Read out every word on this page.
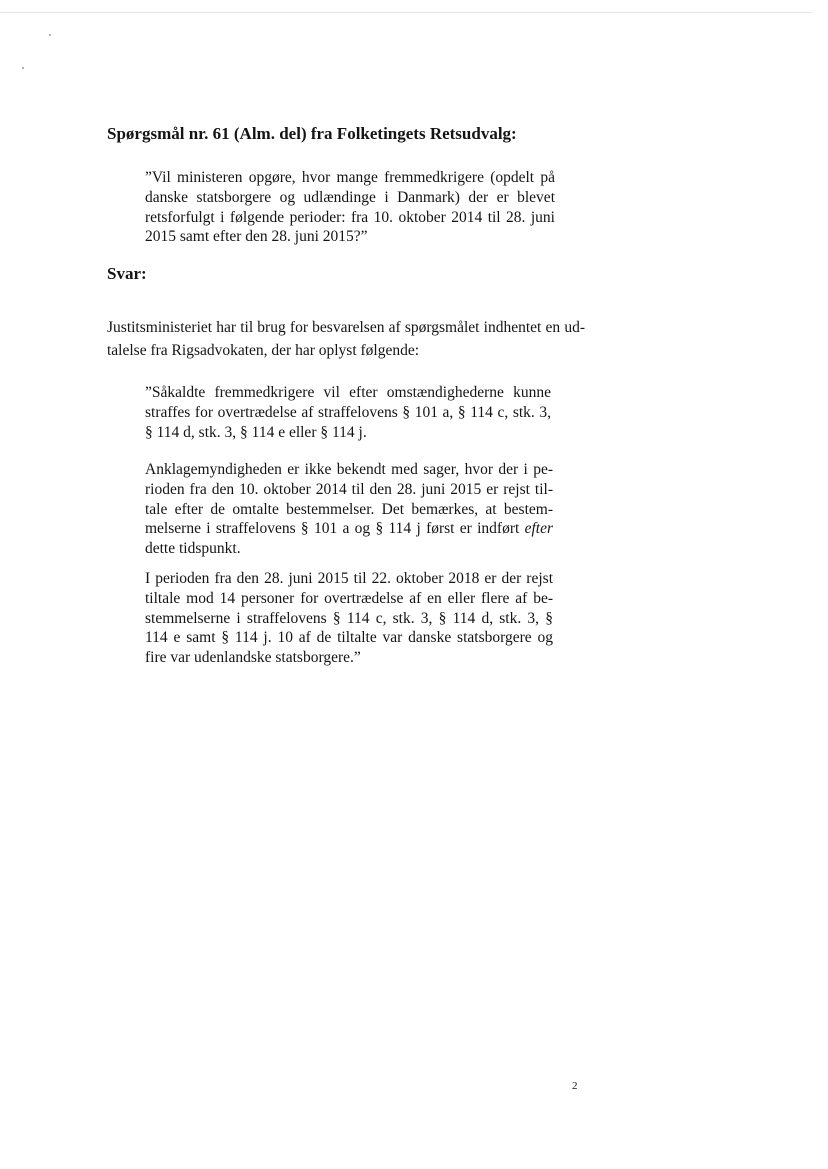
Spørgsmål nr. 61 (Alm. del) fra Folketingets Retsudvalg:
”Vil ministeren opgøre, hvor mange fremmedkrigere (opdelt på
danske statsborgere og udlændinge i Danmark) der er blevet
retsforfulgt i følgende perioder: fra 10. oktober 2014 til 28. juni
2015 samt efter den 28. juni 2015?”
Svar:
Justitsministeriet har til brug for besvarelsen af spørgsmålet indhentet en ud-
talelse fra Rigsadvokaten, der har oplyst følgende:
”Såkaldte fremmedkrigere vil efter omstændighederne kunne
straffes for overtrædelse af straffelovens § 101 a, § 114 c, stk. 3,
§ 114 d, stk. 3, § 114 e eller § 114 j.
Anklagemyndigheden er ikke bekendt med sager, hvor der i pe-
rioden fra den 10. oktober 2014 til den 28. juni 2015 er rejst til-
tale efter de omtalte bestemmelser. Det bemærkes, at bestem-
melserne i straffelovens § 101 a og § 114 j først er indført efter
dette tidspunkt.
I perioden fra den 28. juni 2015 til 22. oktober 2018 er der rejst
tiltale mod 14 personer for overtrædelse af en eller flere af be-
stemmelserne i straffelovens § 114 c, stk. 3, § 114 d, stk. 3, §
114 e samt § 114 j. 10 af de tiltalte var danske statsborgere og
fire var udenlandske statsborgere.”
2
